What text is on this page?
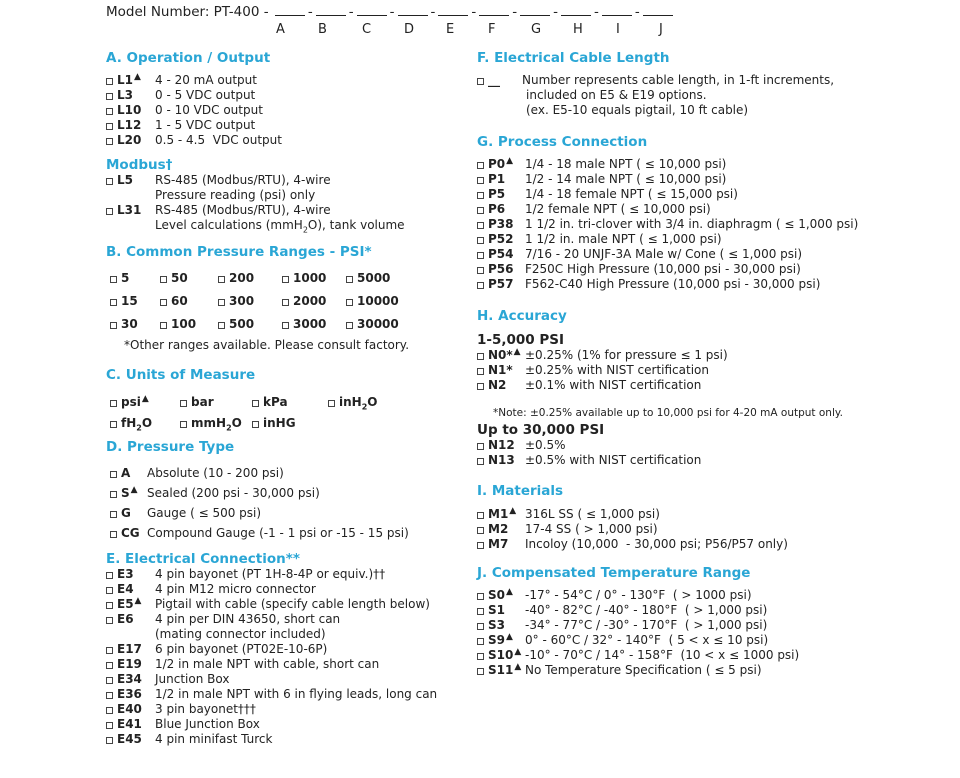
Model Number: PT-400 -	-	-	-	-	-	-	-	-	-
A	B	C	D E	F	G H	I	J
A. Operation / Output
L1▲	4 - 20 mA output
L3	0 - 5 VDC output
L10	0 - 10 VDC output
L12	1 - 5 VDC output
L20	0.5 - 4.5  VDC output
Modbus†
L5	RS-485 (Modbus/RTU), 4-wire
Pressure reading (psi) only
L31	RS-485 (Modbus/RTU), 4-wire
Level calculations (mmH$_2$O), tank volume
B. Common Pressure Ranges - PSI*
5	50	200	1000	5000
15	60	300	2000	10000
30	100	500	3000	30000
*Other ranges available. Please consult factory.
C. Units of Measure
psi▲	bar	kPa	inH$_2$O
$fH_2O$	mmH$_2$O inHG
D. Pressure Type
A	Absolute (10 - 200 psi)
S▲ Sealed (200 psi - 30,000 psi)
G	Gauge ( ≤ 500 psi)
CG Compound Gauge (-1 - 1 psi or -15 - 15 psi)
E. Electrical Connection**
E3	4 pin bayonet (PT 1H-8-4P or equiv.)††
E4	4 pin M12 micro connector
E5▲	Pigtail with cable (specify cable length below)
E6	4 pin per DIN 43650, short can
(mating connector included)
E17	6 pin bayonet (PT02E-10-6P)
E19	1/2 in male NPT with cable, short can
E34	Junction Box
E36	1/2 in male NPT with 6 in flying leads, long can
E40	3 pin bayonet†††
E41	Blue Junction Box
E45	4 pin minifast Turck
F. Electrical Cable Length
__	Number represents cable length, in 1-ft increments,
included on E5 & E19 options.
(ex. E5-10 equals pigtail, 10 ft cable)
G. Process Connection
P0▲ 1/4 - 18 male NPT ( ≤ 10,000 psi)
P1	1/2 - 14 male NPT ( ≤ 10,000 psi)
P5	1/4 - 18 female NPT ( ≤ 15,000 psi)
P6	1/2 female NPT ( ≤ 10,000 psi)
P38 1 1/2 in. tri-clover with 3/4 in. diaphragm ( ≤ 1,000 psi)
P52 1 1/2 in. male NPT ( ≤ 1,000 psi)
P54 7/16 - 20 UNJF-3A Male w/ Cone ( ≤ 1,000 psi)
P56 F250C High Pressure (10,000 psi - 30,000 psi)
P57 F562-C40 High Pressure (10,000 psi - 30,000 psi)
H. Accuracy
1-5,000 PSI
N0*▲ ±0.25% (1% for pressure ≤ 1 psi)
N1*	±0.25% with NIST certification
N2	±0.1% with NIST certification
*Note: ±0.25% available up to 10,000 psi for 4-20 mA output only.
Up to 30,000 PSI
N12 ±0.5%
N13 ±0.5% with NIST certification
I. Materials
M1▲ 316L SS ( ≤ 1,000 psi)
M2	17-4 SS ( > 1,000 psi)
M7	Incoloy (10,000  - 30,000 psi; P56/P57 only)
J. Compensated Temperature Range
S0▲	-17° - 54°C / 0° - 130°F  ( > 1000 psi)
S1	-40° - 82°C / -40° - 180°F  ( > 1,000 psi)
S3	-34° - 77°C / -30° - 170°F  ( > 1,000 psi)
S9▲	0° - 60°C / 32° - 140°F  ( 5 < x ≤ 10 psi)
S10▲ -10° - 70°C / 14° - 158°F  (10 < x ≤ 1000 psi)
S11▲ No Temperature Specification ( ≤ 5 psi)
